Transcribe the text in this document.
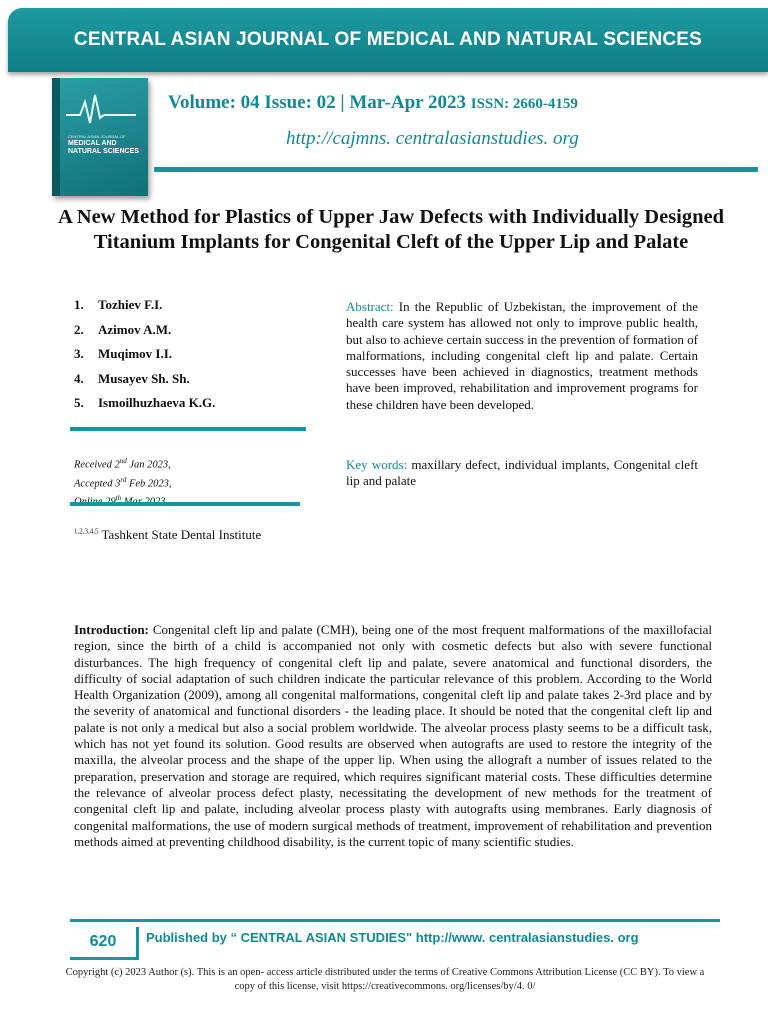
CENTRAL ASIAN JOURNAL OF MEDICAL AND NATURAL SCIENCES
CENTRAL ASIAN JOURNAL OF
MEDICAL AND NATURAL SCIENCES
Volume: 04 Issue: 02 | Mar-Apr 2023 ISSN: 2660-4159
http://cajmns. centralasianstudies. org
A New Method for Plastics of Upper Jaw Defects with Individually Designed Titanium Implants for Congenital Cleft of the Upper Lip and Palate
1.	Tozhiev F.I.
2.	Azimov A.M.
3.	Muqimov I.I.
4.	Musayev Sh. Sh.
5.	Ismoilhuzhaeva K.G.
Received 2nd Jan 2023,
Accepted 3rd Feb 2023,
$^{th}$
$^{1,2,3,4,5}$ Tashkent State Dental Institute

Abstract: In the Republic of Uzbekistan, the improvement of the health care system has allowed not only to improve public health, but also to achieve certain success in the prevention of formation of malformations, including congenital cleft lip and palate. Certain successes have been achieved in diagnostics, treatment methods have been improved, rehabilitation and improvement programs for these children have been developed.

Key words: maxillary defect, individual implants, Congenital cleft lip and palate

Introduction: Congenital cleft lip and palate (CMH), being one of the most frequent malformations of the maxillofacial region, since the birth of a child is accompanied not only with cosmetic defects but also with severe functional disturbances. The high frequency of congenital cleft lip and palate, severe anatomical and functional disorders, the difficulty of social adaptation of such children indicate the particular relevance of this problem. According to the World Health Organization (2009), among all congenital malformations, congenital cleft lip and palate takes 2-3rd place and by the severity of anatomical and functional disorders - the leading place. It should be noted that the congenital cleft lip and palate is not only a medical but also a social problem worldwide. The alveolar process plasty seems to be a difficult task, which has not yet found its solution. Good results are observed when autografts are used to restore the integrity of the maxilla, the alveolar process and the shape of the upper lip. When using the allograft a number of issues related to the preparation, preservation and storage are required, which requires significant material costs. These difficulties determine the relevance of alveolar process defect plasty, necessitating the development of new methods for the treatment of congenital cleft lip and palate, including alveolar process plasty with autografts using membranes. Early diagnosis of congenital malformations, the use of modern surgical methods of treatment, improvement of rehabilitation and prevention methods aimed at preventing childhood disability, is the current topic of many scientific studies.

620	Published by “ CENTRAL ASIAN STUDIES" http://www. centralasianstudies. org
Copyright (c) 2023 Author (s). This is an open- access article distributed under the terms of Creative Commons Attribution License (CC BY). To view a copy of this license, visit https://creativecommons. org/licenses/by/4. 0/
